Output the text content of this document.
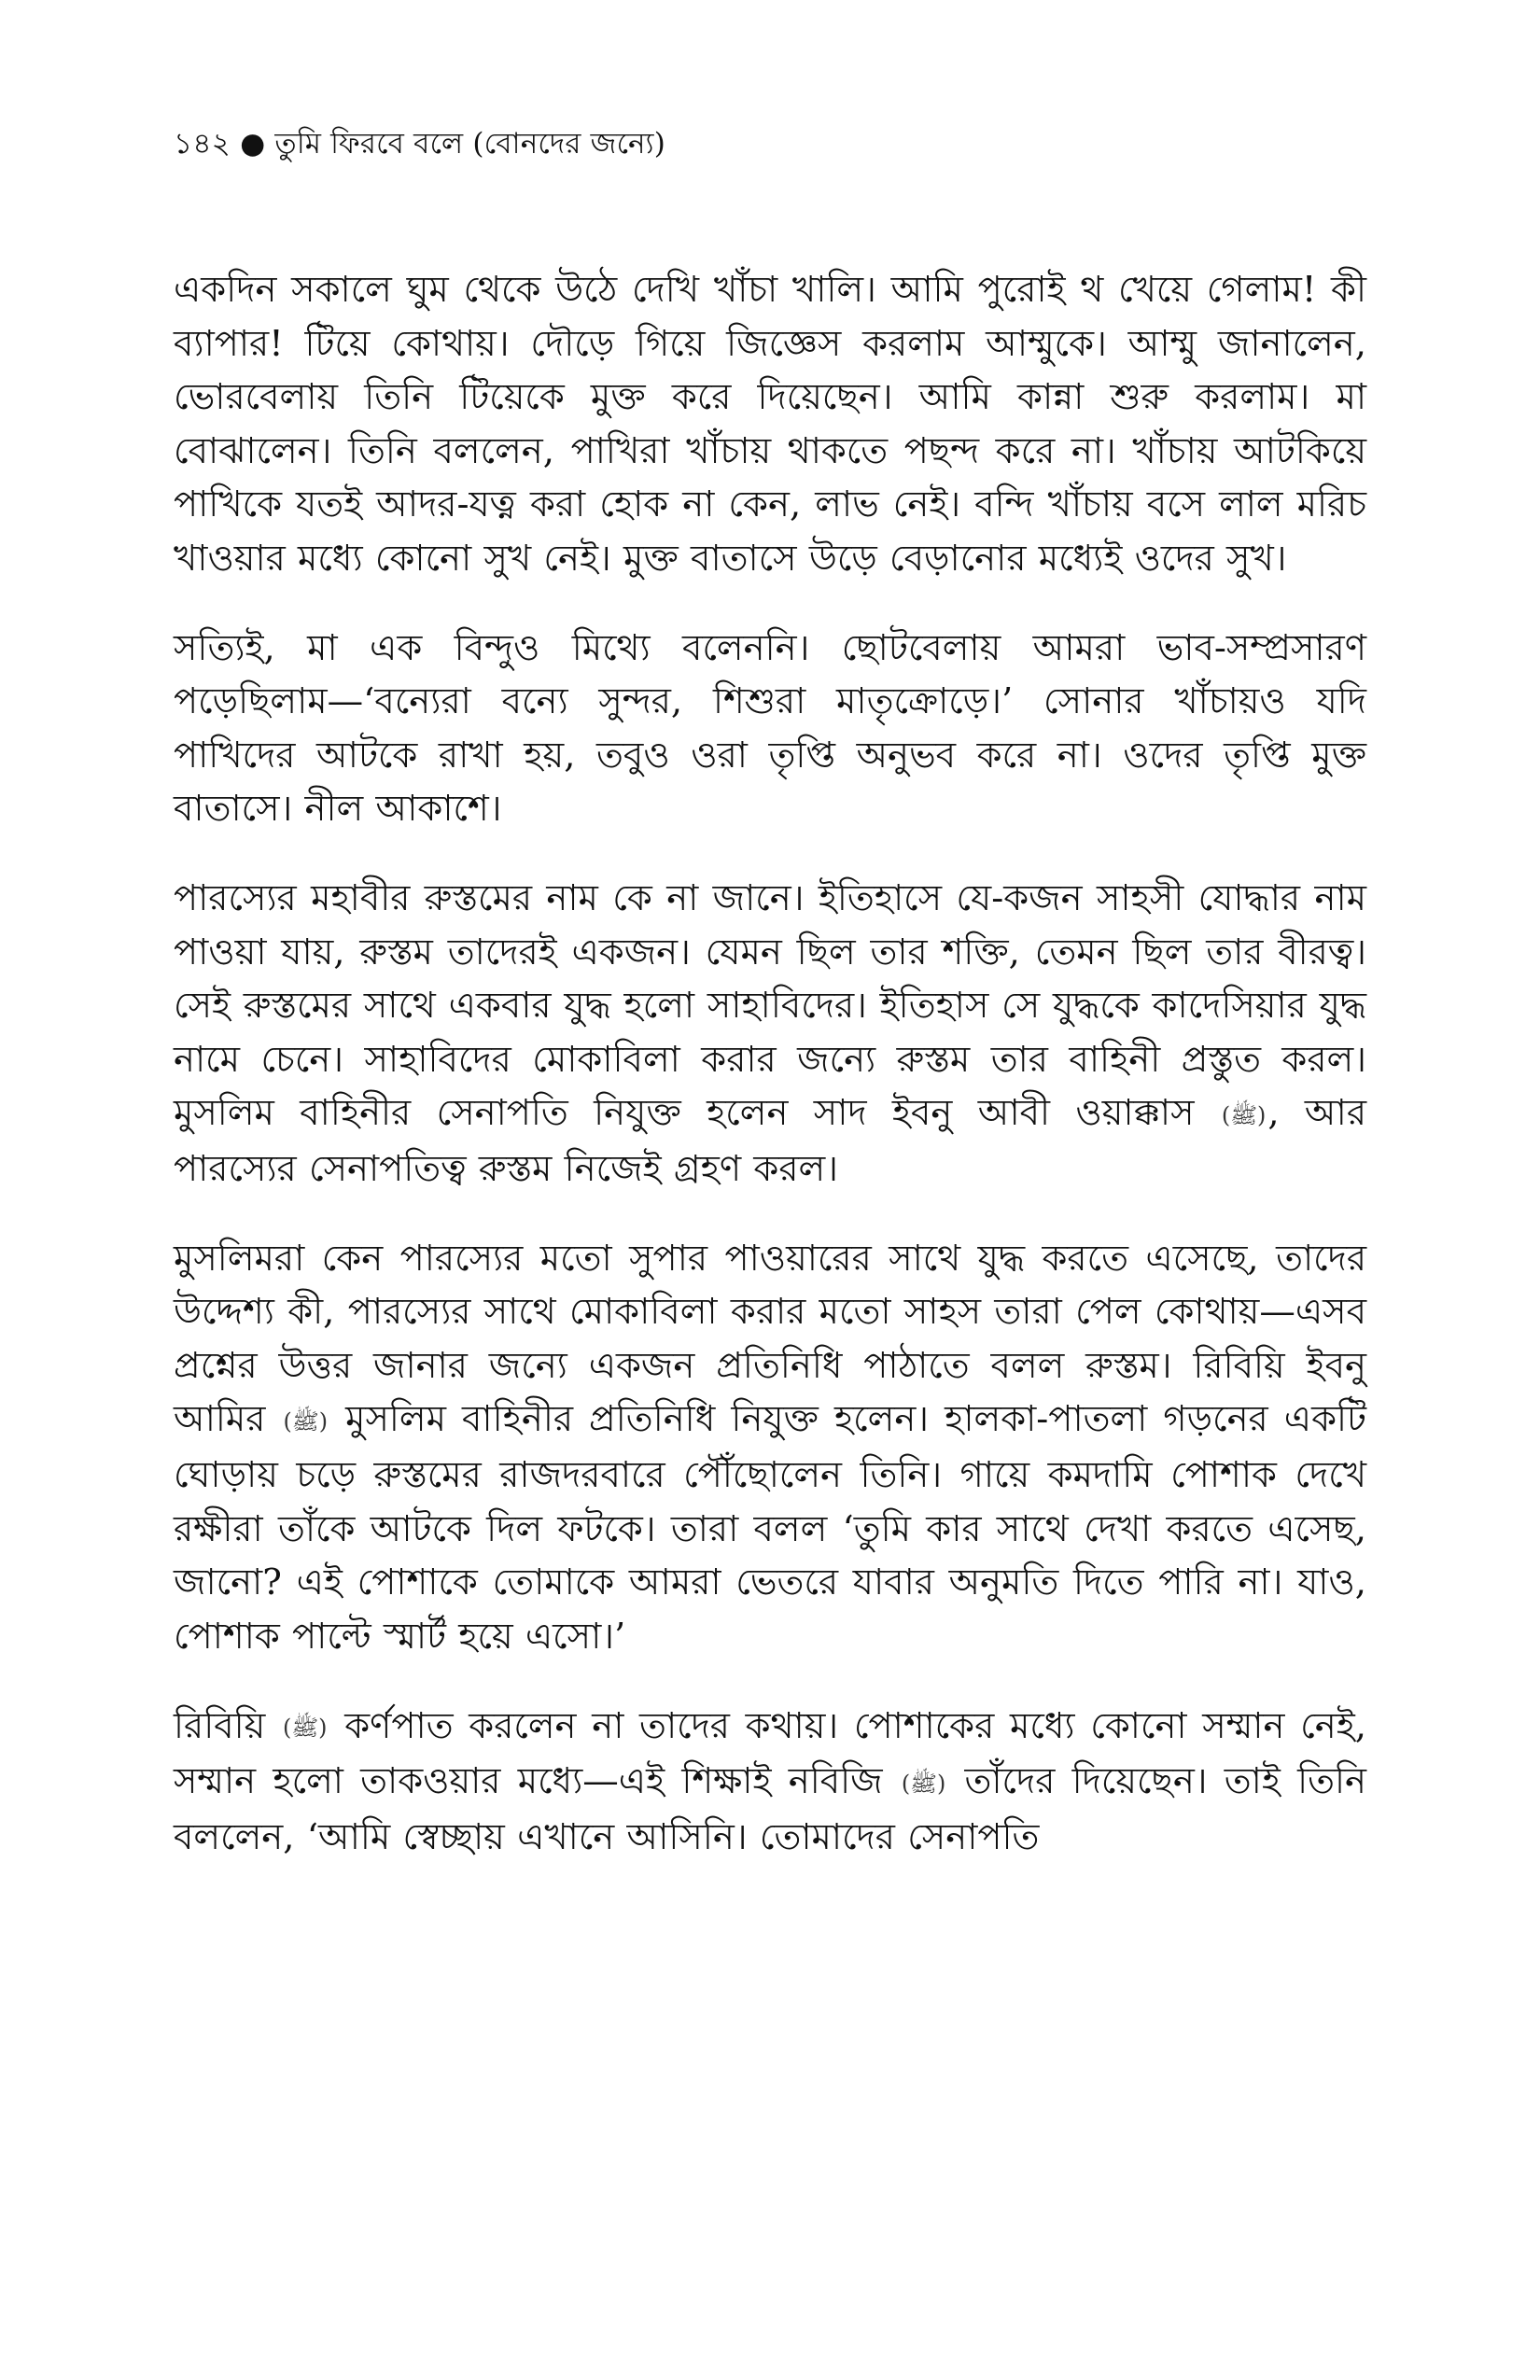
১৪২ ● তুমি ফিরবে বলে (বোনদের জন্যে)

একদিন সকালে ঘুম থেকে উঠে দেখি খাঁচা খালি। আমি পুরোই থ খেয়ে গেলাম! কী ব্যাপার! টিয়ে কোথায়। দৌড়ে গিয়ে জিজ্ঞেস করলাম আম্মুকে। আম্মু জানালেন, ভোরবেলায় তিনি টিয়েকে মুক্ত করে দিয়েছেন। আমি কান্না শুরু করলাম। মা বোঝালেন। তিনি বললেন, পাখিরা খাঁচায় থাকতে পছন্দ করে না। খাঁচায় আটকিয়ে পাখিকে যতই আদর-যত্ন করা হোক না কেন, লাভ নেই। বন্দি খাঁচায় বসে লাল মরিচ খাওয়ার মধ্যে কোনো সুখ নেই। মুক্ত বাতাসে উড়ে বেড়ানোর মধ্যেই ওদের সুখ।

সত্যিই, মা এক বিন্দুও মিথ্যে বলেননি। ছোটবেলায় আমরা ভাব-সম্প্রসারণ পড়েছিলাম—‘বন্যেরা বন্যে সুন্দর, শিশুরা মাতৃক্রোড়ে।’ সোনার খাঁচায়ও যদি পাখিদের আটকে রাখা হয়, তবুও ওরা তৃপ্তি অনুভব করে না। ওদের তৃপ্তি মুক্ত বাতাসে। নীল আকাশে।

পারস্যের মহাবীর রুস্তমের নাম কে না জানে। ইতিহাসে যে-কজন সাহসী যোদ্ধার নাম পাওয়া যায়, রুস্তম তাদেরই একজন। যেমন ছিল তার শক্তি, তেমন ছিল তার বীরত্ব। সেই রুস্তমের সাথে একবার যুদ্ধ হলো সাহাবিদের। ইতিহাস সে যুদ্ধকে কাদেসিয়ার যুদ্ধ নামে চেনে। সাহাবিদের মোকাবিলা করার জন্যে রুস্তম তার বাহিনী প্রস্তুত করল। মুসলিম বাহিনীর সেনাপতি নিযুক্ত হলেন সাদ ইবনু আবী ওয়াক্কাস (ﷺ), আর পারস্যের সেনাপতিত্ব রুস্তম নিজেই গ্রহণ করল।

মুসলিমরা কেন পারস্যের মতো সুপার পাওয়ারের সাথে যুদ্ধ করতে এসেছে, তাদের উদ্দেশ্য কী, পারস্যের সাথে মোকাবিলা করার মতো সাহস তারা পেল কোথায়—এসব প্রশ্নের উত্তর জানার জন্যে একজন প্রতিনিধি পাঠাতে বলল রুস্তম। রিবিয়ি ইবনু আমির (ﷺ) মুসলিম বাহিনীর প্রতিনিধি নিযুক্ত হলেন। হালকা-পাতলা গড়নের একটি ঘোড়ায় চড়ে রুস্তমের রাজদরবারে পৌঁছোলেন তিনি। গায়ে কমদামি পোশাক দেখে রক্ষীরা তাঁকে আটকে দিল ফটকে। তারা বলল ‘তুমি কার সাথে দেখা করতে এসেছ, জানো? এই পোশাকে তোমাকে আমরা ভেতরে যাবার অনুমতি দিতে পারি না। যাও, পোশাক পাল্টে স্মার্ট হয়ে এসো।’

রিবিয়ি (ﷺ) কর্ণপাত করলেন না তাদের কথায়। পোশাকের মধ্যে কোনো সম্মান নেই, সম্মান হলো তাকওয়ার মধ্যে—এই শিক্ষাই নবিজি (ﷺ) তাঁদের দিয়েছেন। তাই তিনি বললেন, ‘আমি স্বেচ্ছায় এখানে আসিনি। তোমাদের সেনাপতি
